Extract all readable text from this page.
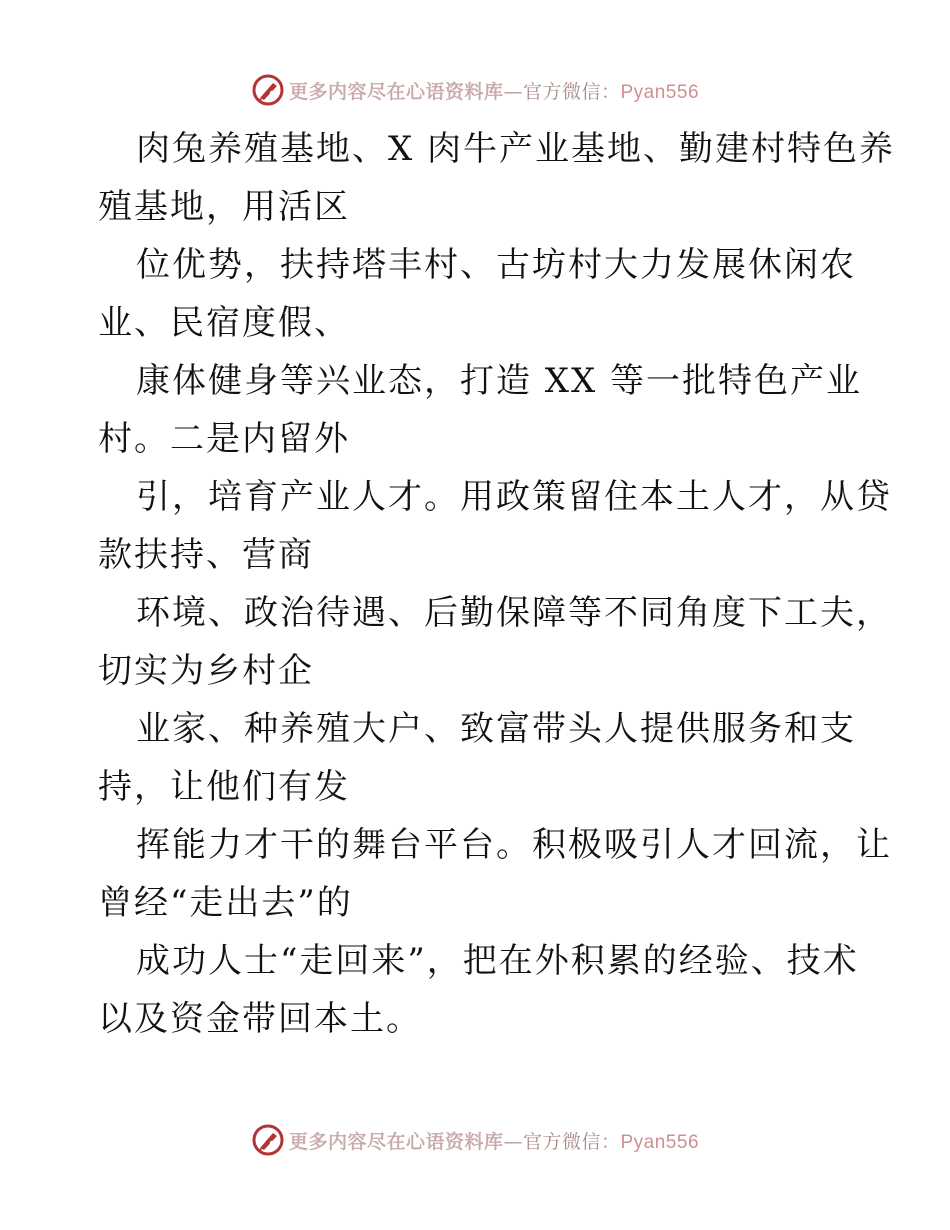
更多内容尽在心语资料库—官方微信：Pyan556
肉兔养殖基地、X 肉牛产业基地、勤建村特色养
殖基地，用活区
位优势，扶持塔丰村、古坊村大力发展休闲农
业、民宿度假、
康体健身等兴业态，打造 XX 等一批特色产业
村。二是内留外
引，培育产业人才。用政策留住本土人才，从贷
款扶持、营商
环境、政治待遇、后勤保障等不同角度下工夫，
切实为乡村企
业家、种养殖大户、致富带头人提供服务和支
持，让他们有发
挥能力才干的舞台平台。积极吸引人才回流，让
曾经“走出去”的
成功人士“走回来”，把在外积累的经验、技术
以及资金带回本土。
更多内容尽在心语资料库—官方微信：Pyan556
